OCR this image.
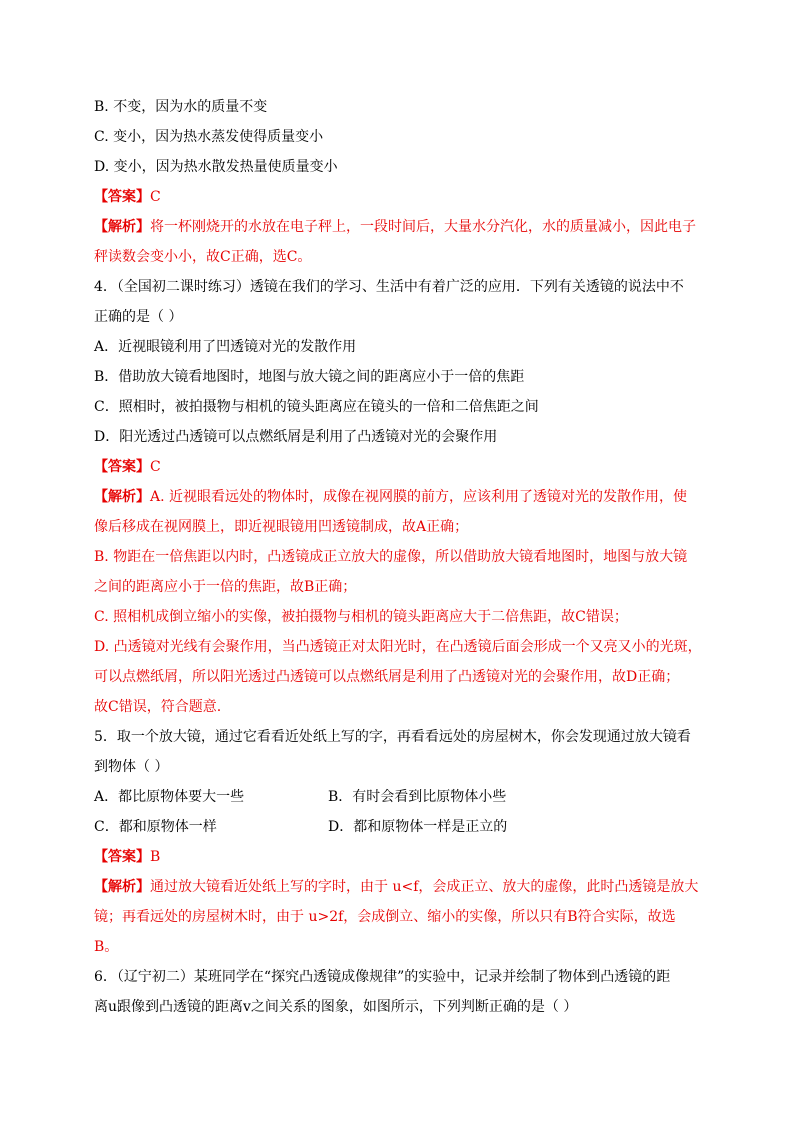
B. 不变，因为水的质量不变
C. 变小，因为热水蒸发使得质量变小
D. 变小，因为热水散发热量使质量变小
【答案】C
【解析】将一杯刚烧开的水放在电子秤上，一段时间后，大量水分汽化，水的质量减小，因此电子
秤读数会变小小，故C正确，选C。
4．（全国初二课时练习）透镜在我们的学习、生活中有着广泛的应用．下列有关透镜的说法中不
正确的是（ ）
A．近视眼镜利用了凹透镜对光的发散作用
B．借助放大镜看地图时，地图与放大镜之间的距离应小于一倍的焦距
C．照相时，被拍摄物与相机的镜头距离应在镜头的一倍和二倍焦距之间
D．阳光透过凸透镜可以点燃纸屑是利用了凸透镜对光的会聚作用
【答案】C
【解析】A. 近视眼看远处的物体时，成像在视网膜的前方，应该利用了透镜对光的发散作用，使
像后移成在视网膜上，即近视眼镜用凹透镜制成，故A正确；
B. 物距在一倍焦距以内时，凸透镜成正立放大的虚像，所以借助放大镜看地图时，地图与放大镜
之间的距离应小于一倍的焦距，故B正确；
C. 照相机成倒立缩小的实像，被拍摄物与相机的镜头距离应大于二倍焦距，故C错误；
D. 凸透镜对光线有会聚作用，当凸透镜正对太阳光时，在凸透镜后面会形成一个又亮又小的光斑，
可以点燃纸屑，所以阳光透过凸透镜可以点燃纸屑是利用了凸透镜对光的会聚作用，故D正确；
故C错误，符合题意.
5．取一个放大镜，通过它看看近处纸上写的字，再看看远处的房屋树木，你会发现通过放大镜看
到物体（ ）
A．都比原物体要大一些	B．有时会看到比原物体小些
C．都和原物体一样	D．都和原物体一样是正立的
【答案】B
【解析】通过放大镜看近处纸上写的字时，由于 u<f，会成正立、放大的虚像，此时凸透镜是放大
镜；再看远处的房屋树木时，由于 u>2f，会成倒立、缩小的实像，所以只有B符合实际，故选
B。
6．（辽宁初二）某班同学在“探究凸透镜成像规律”的实验中，记录并绘制了物体到凸透镜的距
离u跟像到凸透镜的距离v之间关系的图象，如图所示，下列判断正确的是（ ）
